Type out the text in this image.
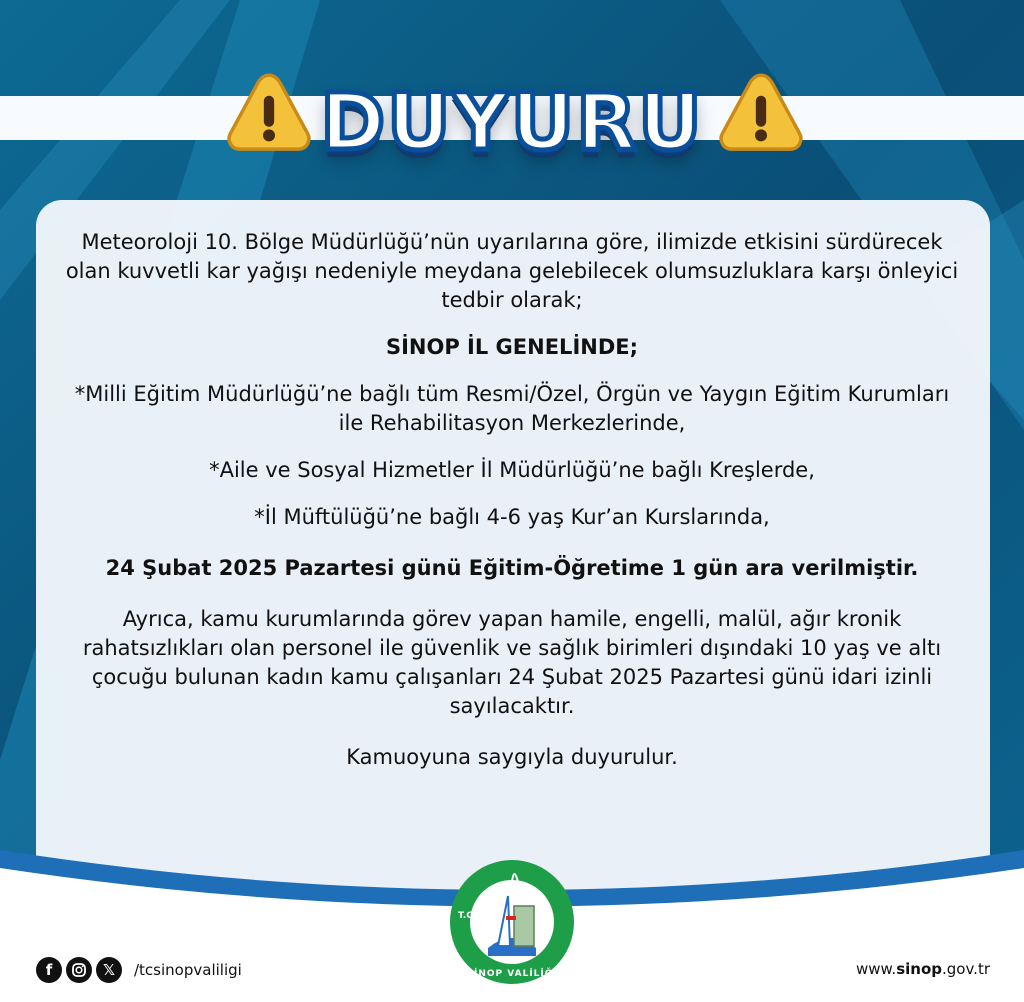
DUYURU

Meteoroloji 10. Bölge Müdürlüğü’nün uyarılarına göre, ilimizde etkisini sürdürecek olan kuvvetli kar yağışı nedeniyle meydana gelebilecek olumsuzluklara karşı önleyici tedbir olarak;

SİNOP İL GENELİNDE;

*Milli Eğitim Müdürlüğü’ne bağlı tüm Resmi/Özel, Örgün ve Yaygın Eğitim Kurumları ile Rehabilitasyon Merkezlerinde,

*Aile ve Sosyal Hizmetler İl Müdürlüğü’ne bağlı Kreşlerde,

*İl Müftülüğü’ne bağlı 4-6 yaş Kur’an Kurslarında,

24 Şubat 2025 Pazartesi günü Eğitim-Öğretime 1 gün ara verilmiştir.

Ayrıca, kamu kurumlarında görev yapan hamile, engelli, malül, ağır kronik rahatsızlıkları olan personel ile güvenlik ve sağlık birimleri dışındaki 10 yaş ve altı çocuğu bulunan kadın kamu çalışanları 24 Şubat 2025 Pazartesi günü idari izinli sayılacaktır.

Kamuoyuna saygıyla duyurulur.

SİNOP VALİLİĞİ
T.C.
f	𝕏	/tcsinopvaliligi	www.sinop.gov.tr
